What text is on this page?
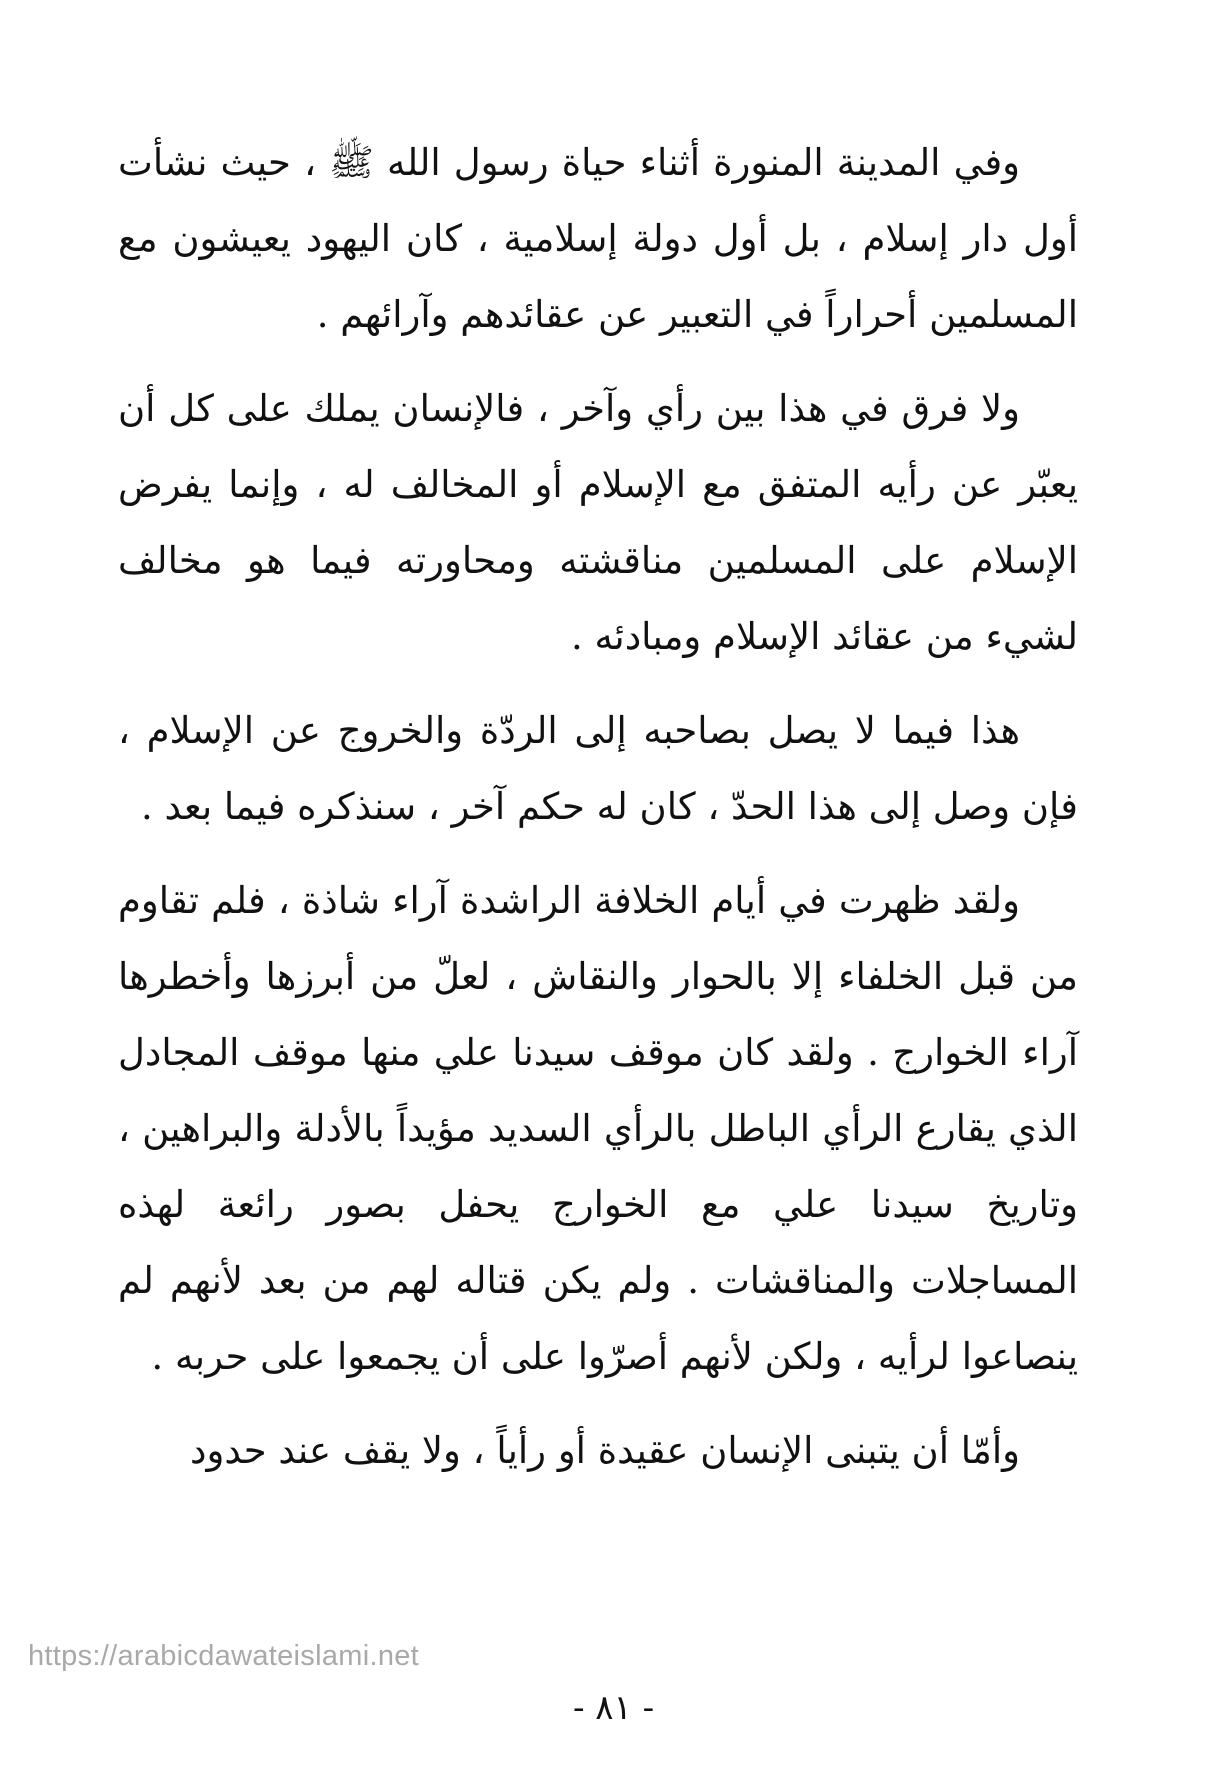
وفي المدينة المنورة أثناء حياة رسول الله ﷺ ، حيث نشأت أول دار إسلام ، بل أول دولة إسلامية ، كان اليهود يعيشون مع المسلمين أحراراً في التعبير عن عقائدهم وآرائهم .

ولا فرق في هذا بين رأي وآخر ، فالإنسان يملك على كل أن يعبّر عن رأيه المتفق مع الإسلام أو المخالف له ، وإنما يفرض الإسلام على المسلمين مناقشته ومحاورته فيما هو مخالف لشيء من عقائد الإسلام ومبادئه .

هذا فيما لا يصل بصاحبه إلى الردّة والخروج عن الإسلام ، فإن وصل إلى هذا الحدّ ، كان له حكم آخر ، سنذكره فيما بعد .

ولقد ظهرت في أيام الخلافة الراشدة آراء شاذة ، فلم تقاوم من قبل الخلفاء إلا بالحوار والنقاش ، لعلّ من أبرزها وأخطرها آراء الخوارج . ولقد كان موقف سيدنا علي منها موقف المجادل الذي يقارع الرأي الباطل بالرأي السديد مؤيداً بالأدلة والبراهين ، وتاريخ سيدنا علي مع الخوارج يحفل بصور رائعة لهذه المساجلات والمناقشات . ولم يكن قتاله لهم من بعد لأنهم لم ينصاعوا لرأيه ، ولكن لأنهم أصرّوا على أن يجمعوا على حربه .

وأمّا أن يتبنى الإنسان عقيدة أو رأياً ، ولا يقف عند حدود

https://arabicdawateislami.net
- ٨١ -
